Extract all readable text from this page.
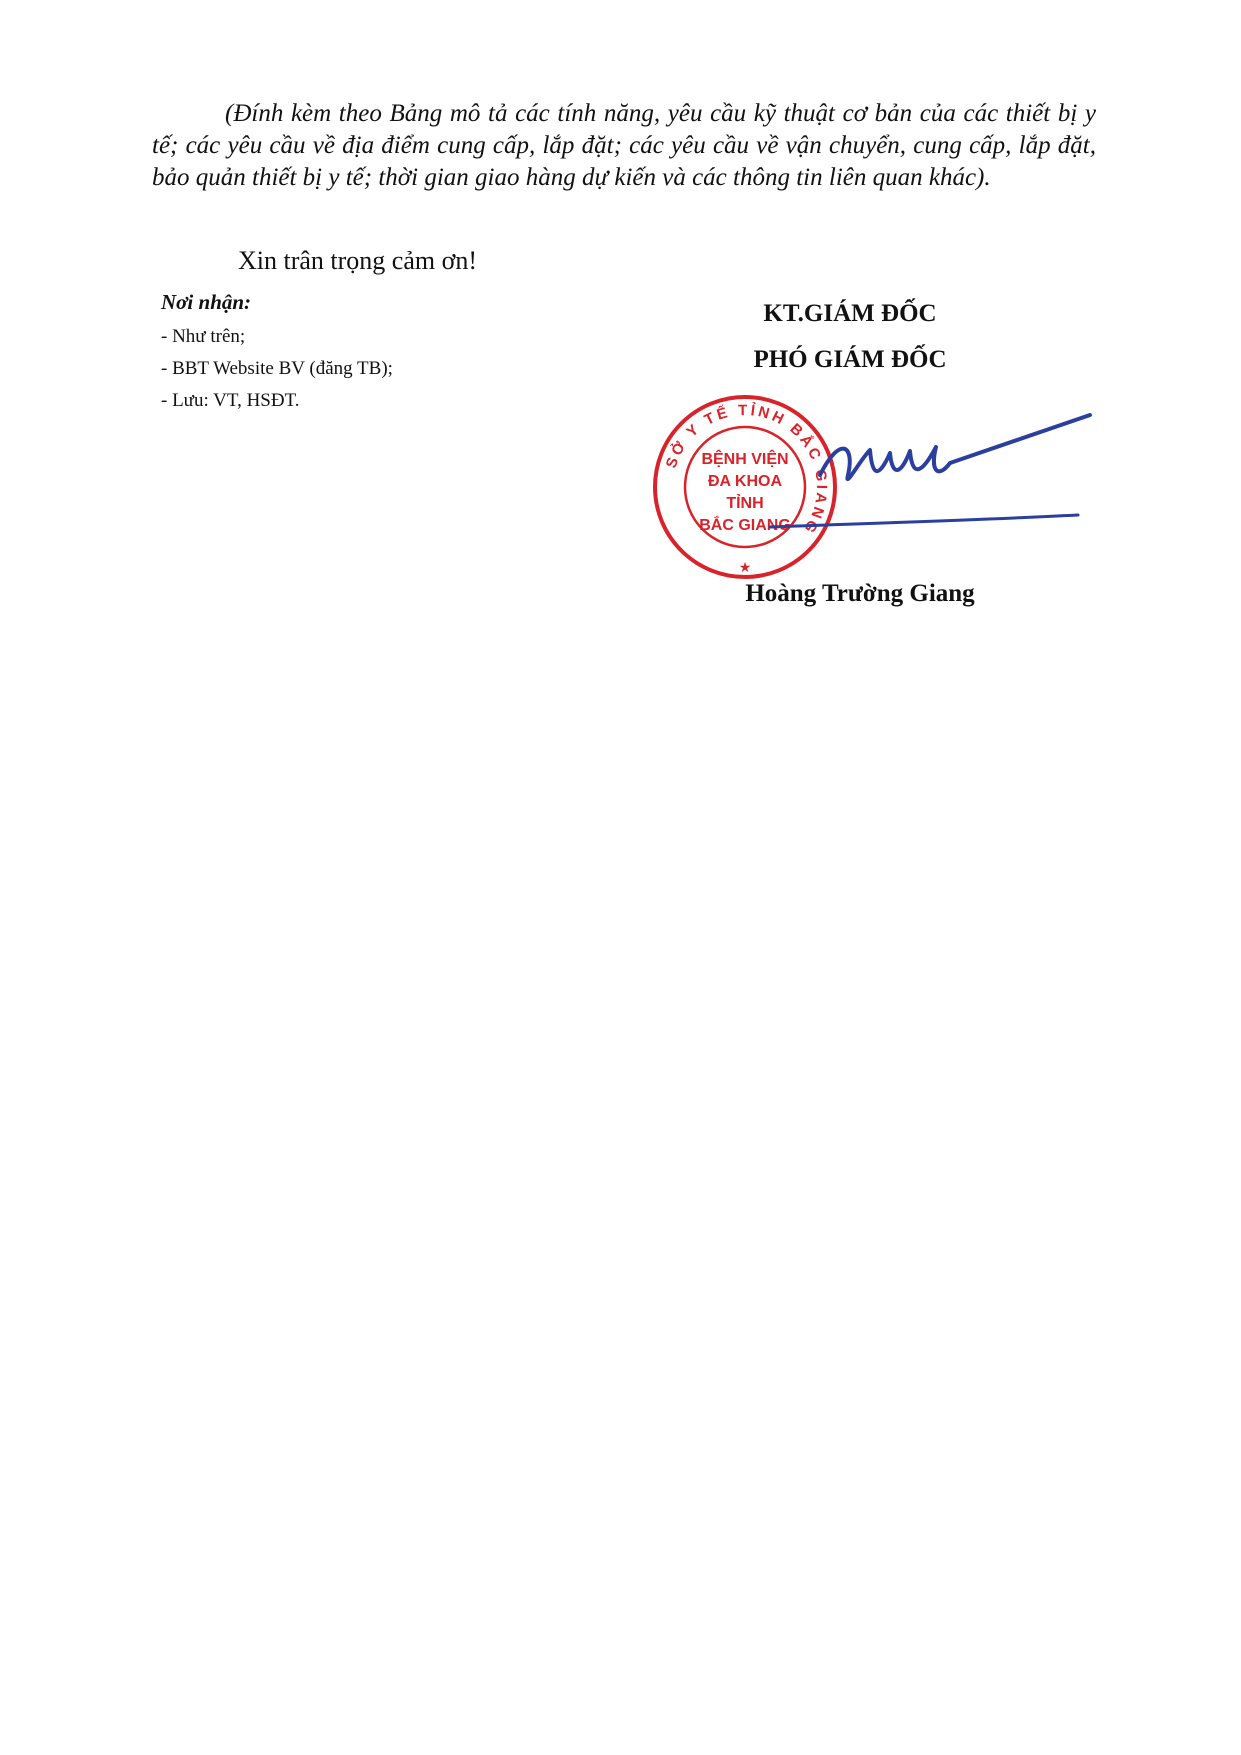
(Đính kèm theo Bảng mô tả các tính năng, yêu cầu kỹ thuật cơ bản của các thiết bị y tế; các yêu cầu về địa điểm cung cấp, lắp đặt; các yêu cầu về vận chuyển, cung cấp, lắp đặt, bảo quản thiết bị y tế; thời gian giao hàng dự kiến và các thông tin liên quan khác).

Xin trân trọng cảm ơn!

Nơi nhận:
- Như trên;
- BBT Website BV (đăng TB);
- Lưu: VT, HSĐT.
KT.GIÁM ĐỐC
PHÓ GIÁM ĐỐC
SỞ Y TẾ TỈNH BẮC GIANG
★
BỆNH VIỆN
ĐA KHOA
TỈNH
BẮC GIANG
Hoàng Trường Giang
